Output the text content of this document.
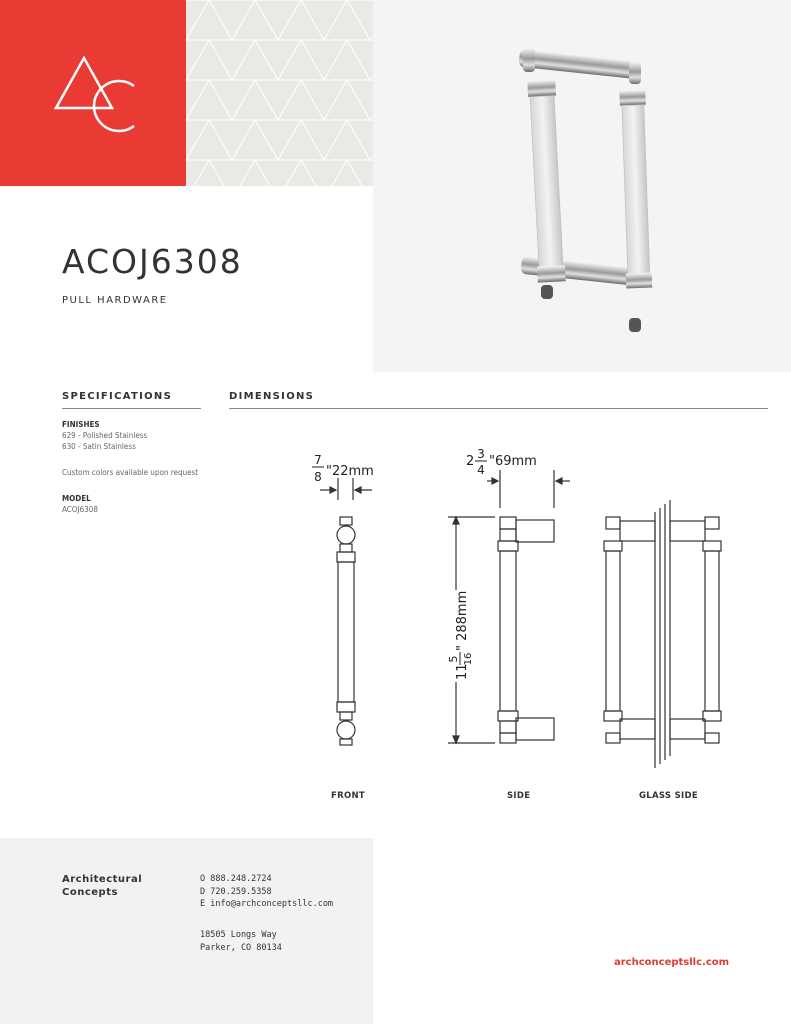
ACOJ6308
PULL HARDWARE
SPECIFICATIONS	DIMENSIONS
FINISHES
629 - Polished Stainless
630 - Satin Stainless
Custom colors available upon request
MODEL
ACOJ6308
7
8 "22mm
2 3
4
"69mm
11
5 16
" 288mm
FRONT	SIDE	GLASS SIDE
Architectural
Concepts
O 888.248.2724
D 720.259.5358
E info@archconceptsllc.com
18505 Longs Way
Parker, CO 80134
archconceptsllc.com
